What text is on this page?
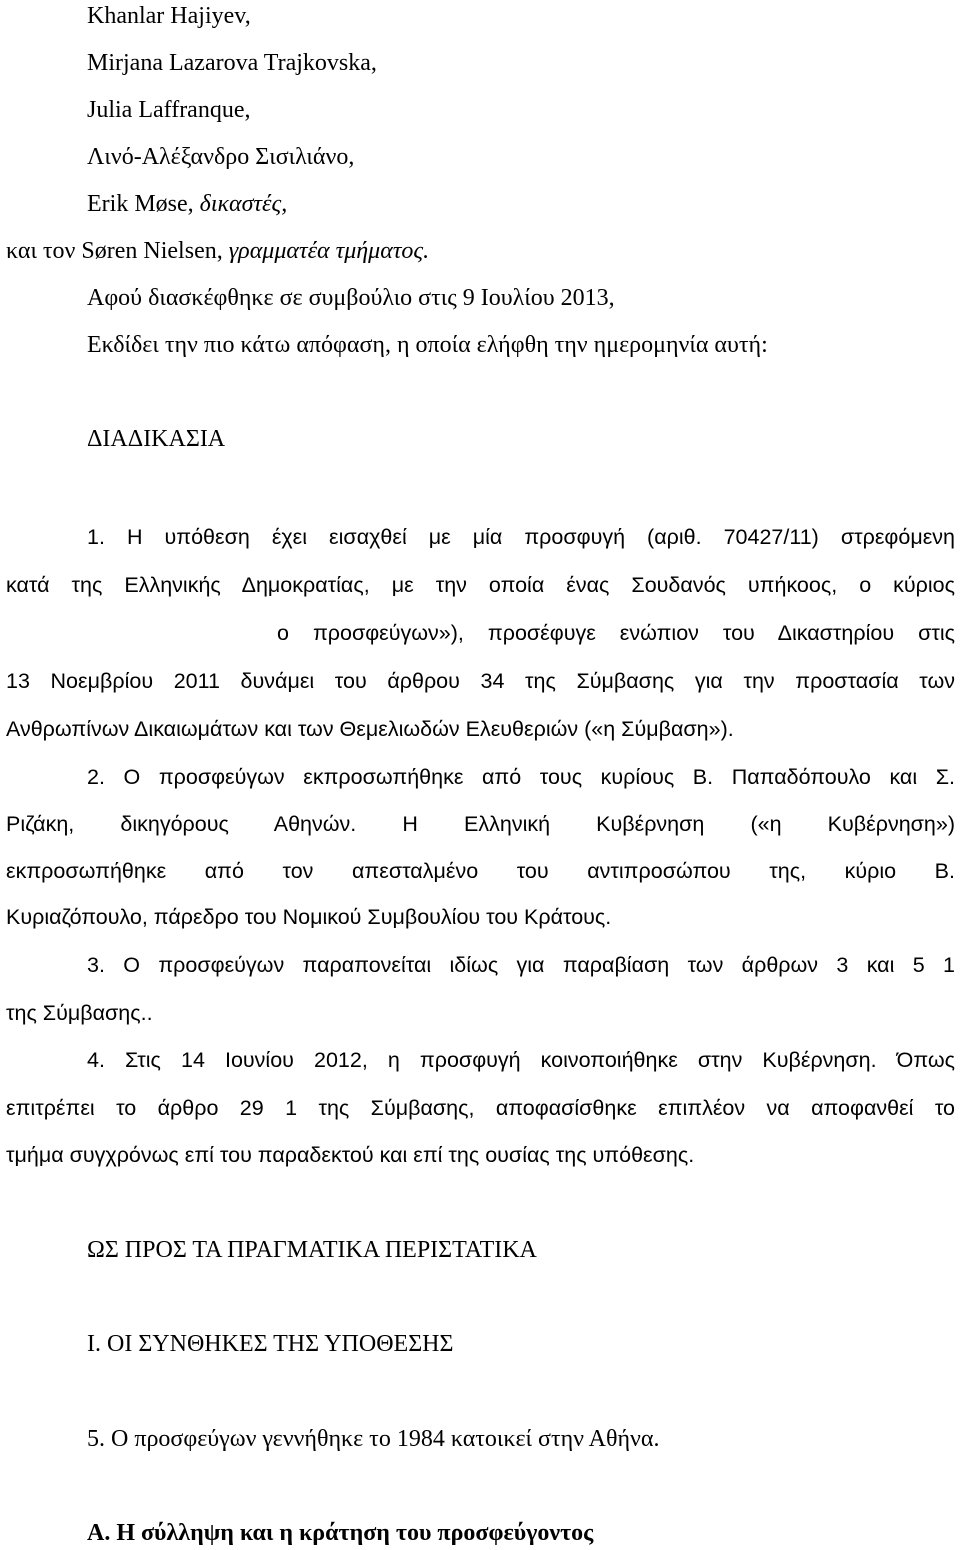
Khanlar Hajiyev,
Mirjana Lazarova Trajkovska,
Julia Laffranque,
Λινό-Αλέξανδρο Σισιλιάνο,
Erik Møse, δικαστές,
και τον Søren Nielsen, γραμματέα τμήματος.
Αφού διασκέφθηκε σε συμβούλιο στις 9 Ιουλίου 2013,
Εκδίδει την πιο κάτω απόφαση, η οποία ελήφθη την ημερομηνία αυτή:
ΔΙΑΔΙΚΑΣΙΑ
1. Η υπόθεση έχει εισαχθεί με μία προσφυγή (αριθ. 70427/11) στρεφόμενη
κατά της Ελληνικής Δημοκρατίας, με την οποία ένας Σουδανός υπήκοος, ο κύριος
ο προσφεύγων»), προσέφυγε ενώπιον του Δικαστηρίου στις
13 Νοεμβρίου 2011 δυνάμει του άρθρου 34 της Σύμβασης για την προστασία των
Ανθρωπίνων Δικαιωμάτων και των Θεμελιωδών Ελευθεριών («η Σύμβαση»).
2. Ο προσφεύγων εκπροσωπήθηκε από τους κυρίους Β. Παπαδόπουλο και Σ.
Ριζάκη, δικηγόρους Αθηνών. Η Ελληνική Κυβέρνηση («η Κυβέρνηση»)
εκπροσωπήθηκε από τον απεσταλμένο του αντιπροσώπου της, κύριο Β.
Κυριαζόπουλο, πάρεδρο του Νομικού Συμβουλίου του Κράτους.
3. Ο προσφεύγων παραπονείται ιδίως για παραβίαση των άρθρων 3 και 5 1
της Σύμβασης..
4. Στις 14 Ιουνίου 2012, η προσφυγή κοινοποιήθηκε στην Κυβέρνηση. Όπως
επιτρέπει το άρθρο 29 1 της Σύμβασης, αποφασίσθηκε επιπλέον να αποφανθεί το
τμήμα συγχρόνως επί του παραδεκτού και επί της ουσίας της υπόθεσης.
ΩΣ ΠΡΟΣ ΤΑ ΠΡΑΓΜΑΤΙΚΑ ΠΕΡΙΣΤΑΤΙΚΑ
Ι. ΟΙ ΣΥΝΘΗΚΕΣ ΤΗΣ ΥΠΟΘΕΣΗΣ
5. Ο προσφεύγων γεννήθηκε το 1984 κατοικεί στην Αθήνα.
Α. Η σύλληψη και η κράτηση του προσφεύγοντος
